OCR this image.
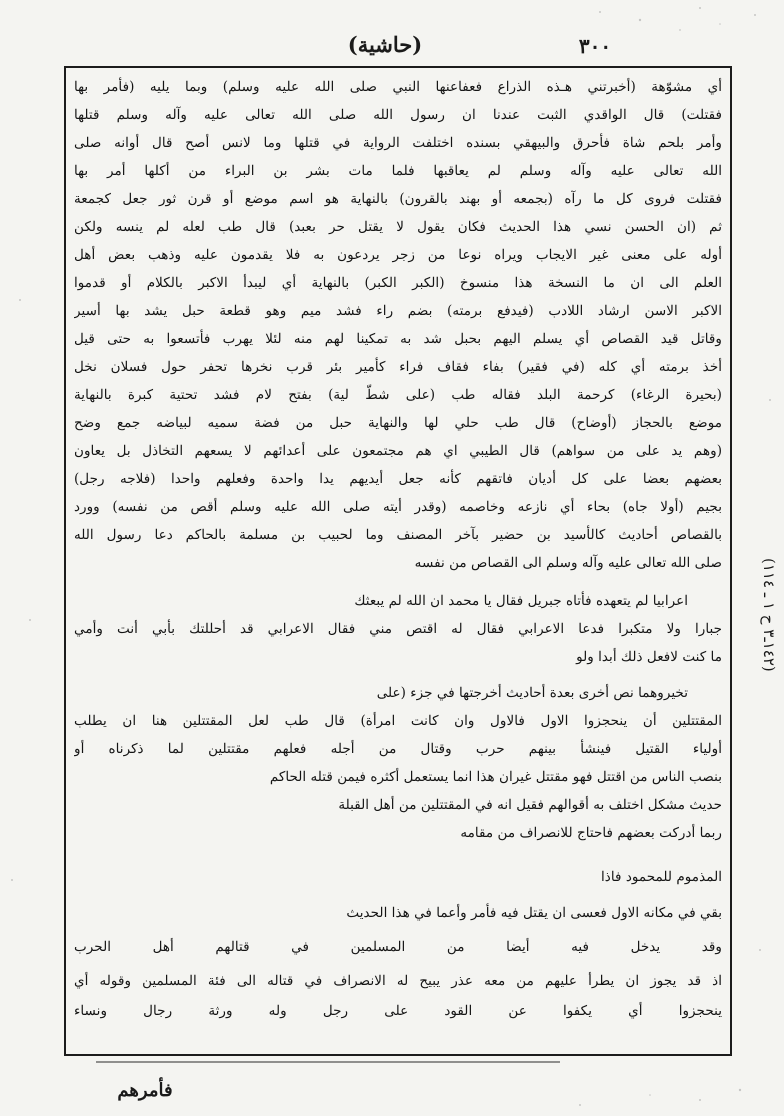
٣٠٠
(حاشية)
أي مشوّهة (أخبرتني هـذه الذراع فعفاعنها النبي صلى الله عليه وسلم) وبما يليه (فأمر بها
فقتلت) قال الواقدي الثبت عندنا ان رسول الله صلى الله تعالى عليه وآله وسلم قتلها
وأمر بلحم شاة فأحرق والبيهقي بسنده اختلفت الرواية في قتلها وما لانس أصح قال أوانه صلى
الله تعالى عليه وآله وسلم لم يعاقبها فلما مات بشر بن البراء من أكلها أمر بها
فقتلت فروى كل ما رآه (بجمعه أو بهند بالقرون) بالنهاية هو اسم موضع أو قرن ثور جعل كجمعة
ثم (ان الحسن نسي هذا الحديث فكان يقول لا يقتل حر بعبد) قال طب لعله لم ينسه ولكن
أوله على معنى غير الايجاب ويراه نوعا من زجر يردعون به فلا يقدمون عليه وذهب بعض أهل
العلم الى ان ما النسخة هذا منسوخ (الكبر الكبر) بالنهاية أي ليبدأ الاكبر بالكلام أو قدموا
الاكبر الاسن ارشاد اللادب (فيدفع برمته) بضم راء فشد ميم وهو قطعة حبل يشد بها أسير
وقاتل قيد القصاص أي يسلم اليهم بحبل شد به تمكينا لهم منه لئلا يهرب فأتسعوا به حتى قيل
أخذ برمته أي كله (في فقير) بفاء فقاف فراء كأمير بئر قرب نخرها تحفر حول فسلان نخل
(بحيرة الرغاء) كرحمة البلد فقاله طب (على شطّ لية) بفتح لام فشد تحتية كبرة بالنهاية
موضع بالحجاز (أوضاح) قال طب حلي لها والنهاية حبل من فضة سميه لبياضه جمع وضح
(وهم يد على من سواهم) قال الطيبي اي هم مجتمعون على أعدائهم لا يسعهم التخاذل بل يعاون
بعضهم بعضا على كل أديان فاتقهم كأنه جعل أيديهم يدا واحدة وفعلهم واحدا (فلاجه رجل)
بجيم (أولا جاه) بحاء أي نازعه وخاصمه (وقدر أيته صلى الله عليه وسلم أقص من نفسه) وورد
بالقصاص أحاديث كالأسيد بن حضير بآخر المصنف وما لحبيب بن مسلمة بالحاكم دعا رسول الله
صلى الله تعالى عليه وآله وسلم الى القصاص من نفسه
اعرابيا لم يتعهده فأتاه جبريل فقال يا محمد ان الله لم يبعثك
جبارا ولا متكبرا فدعا الاعرابي فقال له اقتص مني فقال الاعرابي قد أحللتك بأبي أنت وأمي
ما كنت لافعل ذلك أبدا ولو
تخيروهما نص أخرى بعدة أحاديث أخرجتها في جزء (على
المقتتلين أن ينحجزوا الاول فالاول وان كانت امرأة) قال طب لعل المقتتلين هنا ان يطلب
أولياء القتيل فينشأ بينهم حرب وقتال من أجله فعلهم مقتتلين لما ذكرناه أو
بنصب الناس من اقتتل فهو مقتتل غيران هذا انما يستعمل أكثره فيمن قتله الحاكم
حديث مشكل اختلف به أقوالهم فقيل انه في المقتتلين من أهل القبلة
ربما أدركت بعضهم فاحتاج للانصراف من مقامه
المذموم للمحمود فاذا
بقي في مكانه الاول فعسى ان يقتل فيه فأمر وأعما في هذا الحديث
وقد يدخل فيه أيضا من المسلمين في قتالهم أهل الحرب
اذ قد يجوز ان يطرأ عليهم من معه عذر يبيح له الانصراف في قتاله الى فئة المسلمين وقوله أي
ينحجزوا أي يكفوا عن القود على رجل وله ورثة رجال ونساء
(١٤٢ـ٣ ح ١ ـ ١١٤)
فأمرهم
